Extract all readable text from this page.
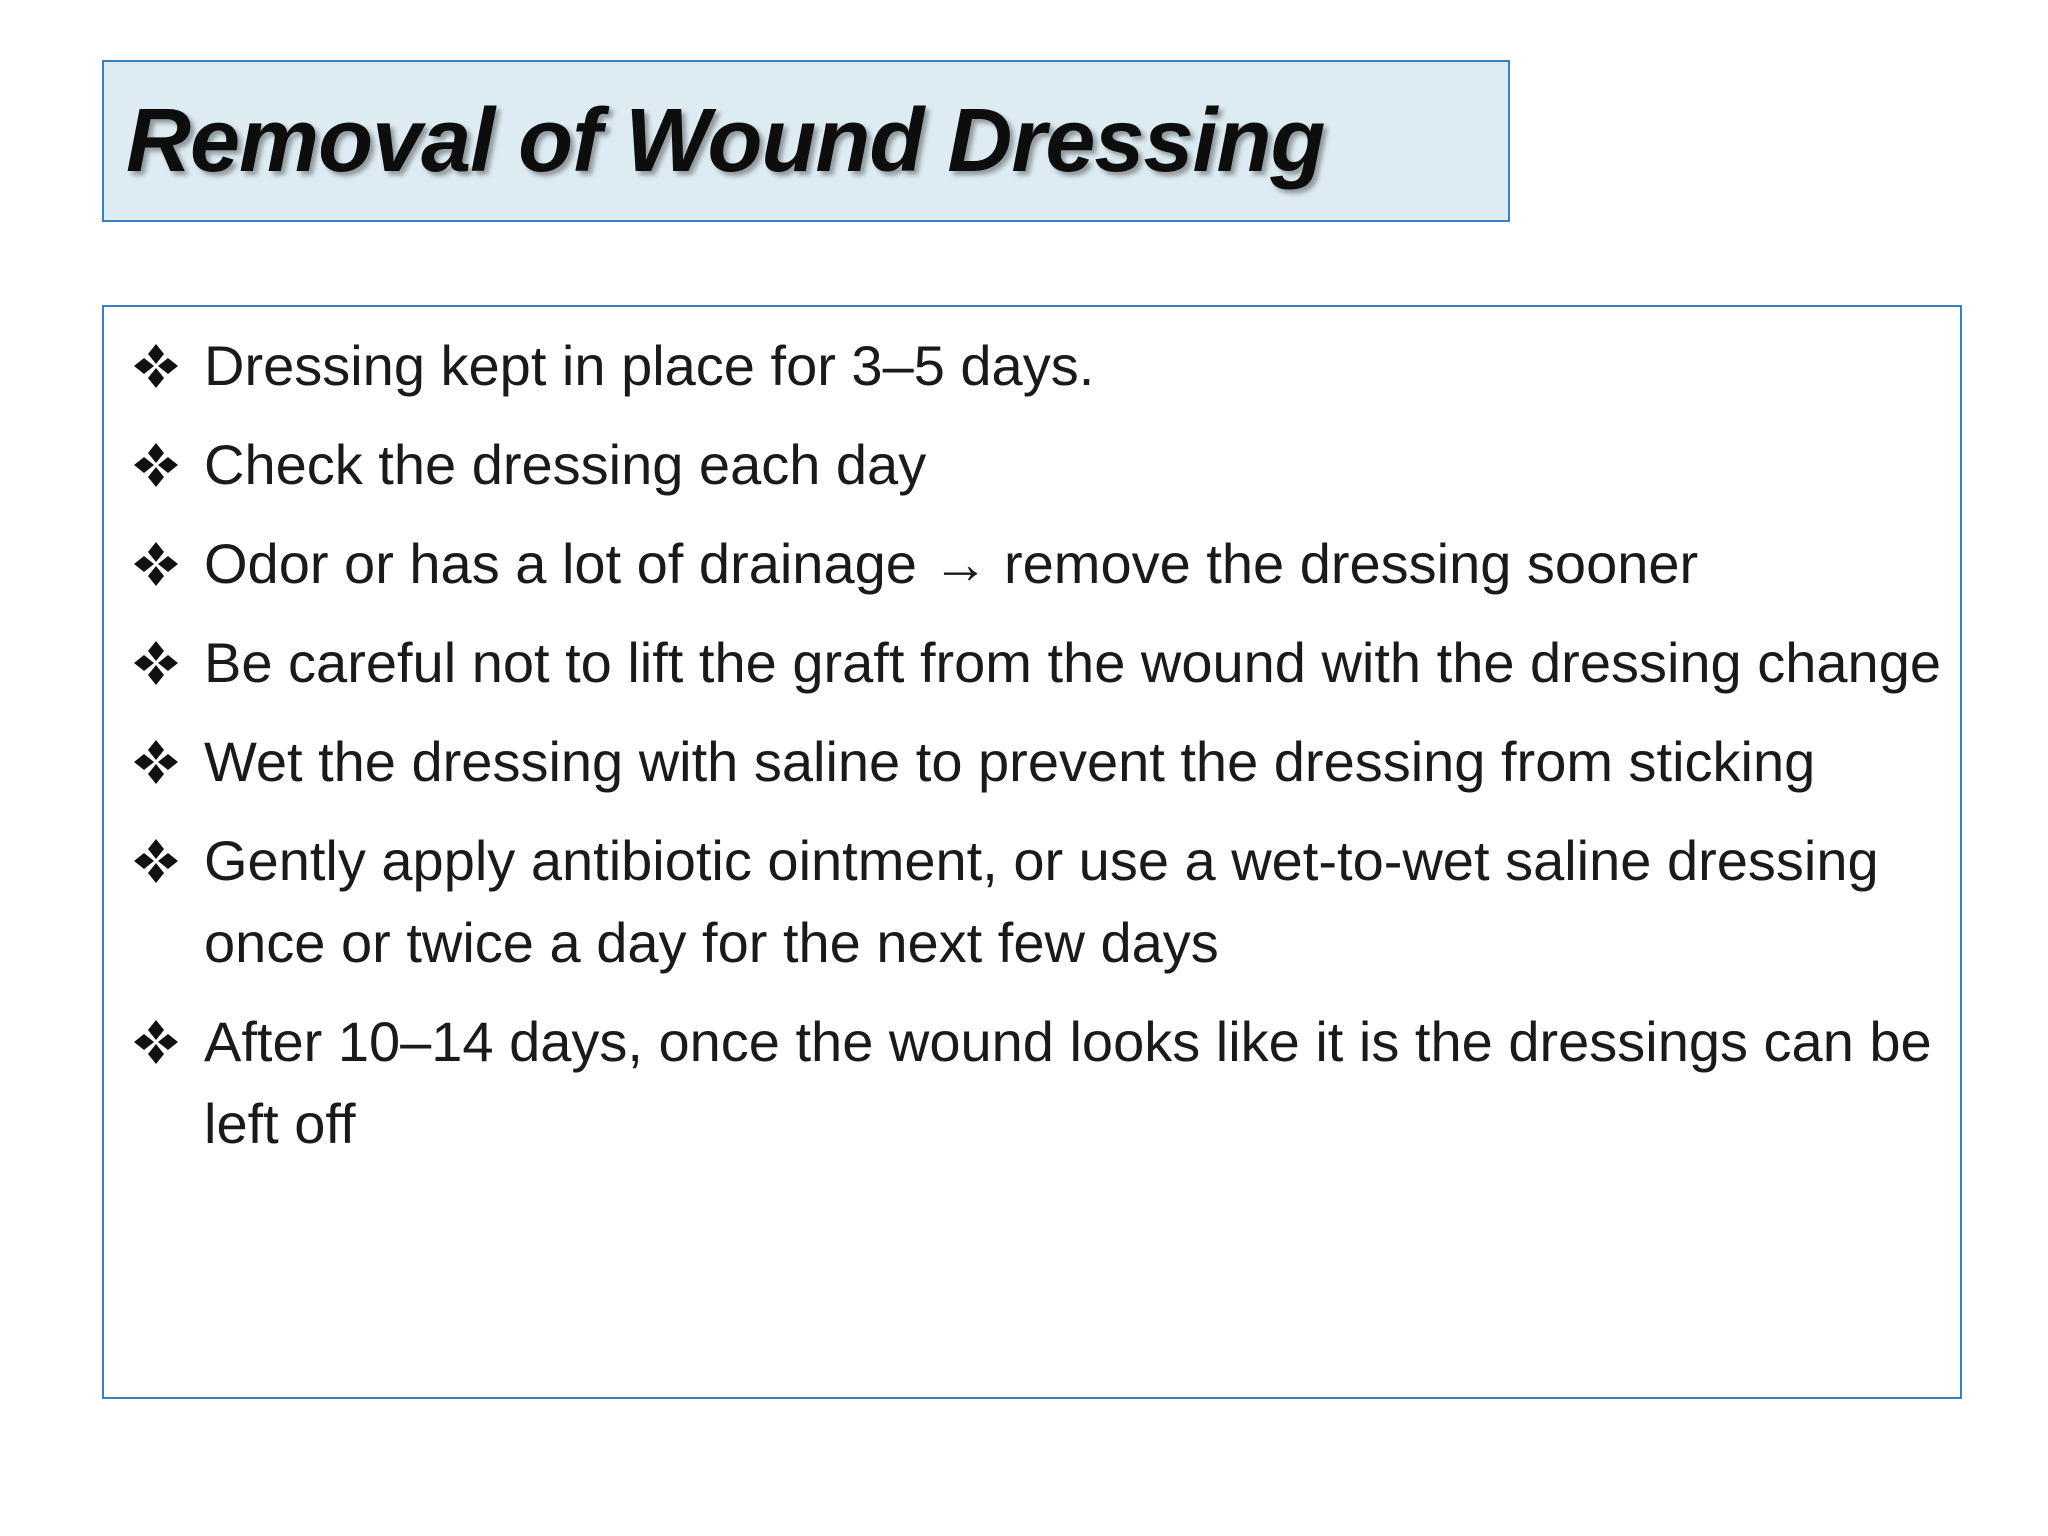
Removal of Wound Dressing
Dressing kept in place for 3–5 days.
Check the dressing each day
Odor or has a lot of drainage → remove the dressing sooner
Be careful not to lift the graft from the wound with the dressing change
Wet the dressing with saline to prevent the dressing from sticking
Gently apply antibiotic ointment, or use a wet-to-wet saline dressing once or twice a day for the next few days
After 10–14 days, once the wound looks like it is the dressings can be left off
